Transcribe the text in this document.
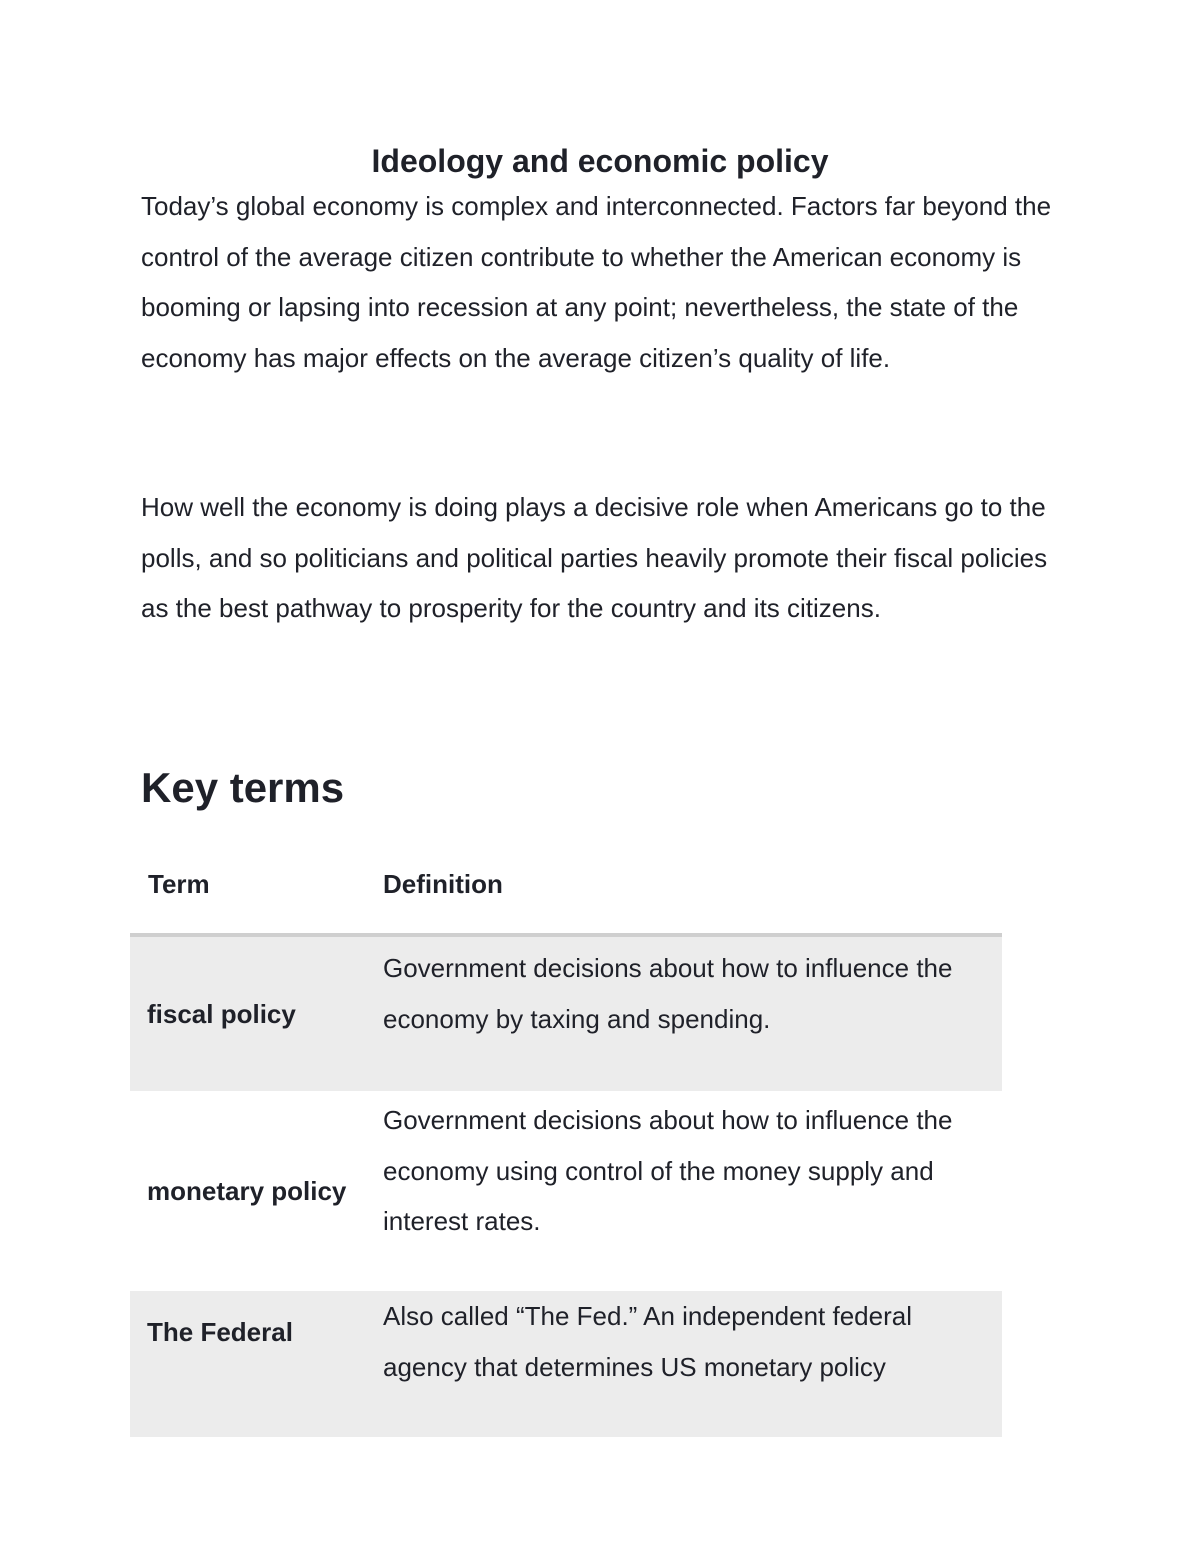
Ideology and economic policy

Today’s global economy is complex and interconnected. Factors far beyond the control of the average citizen contribute to whether the American economy is booming or lapsing into recession at any point; nevertheless, the state of the economy has major effects on the average citizen’s quality of life.

How well the economy is doing plays a decisive role when Americans go to the polls, and so politicians and political parties heavily promote their fiscal policies as the best pathway to prosperity for the country and its citizens.

Key terms
Term	Definition
fiscal policy	Government decisions about how to influence the economy by taxing and spending.
monetary policy	Government decisions about how to influence the economy using control of the money supply and interest rates.
The Federal	Also called “The Fed.” An independent federal agency that determines US monetary policy
